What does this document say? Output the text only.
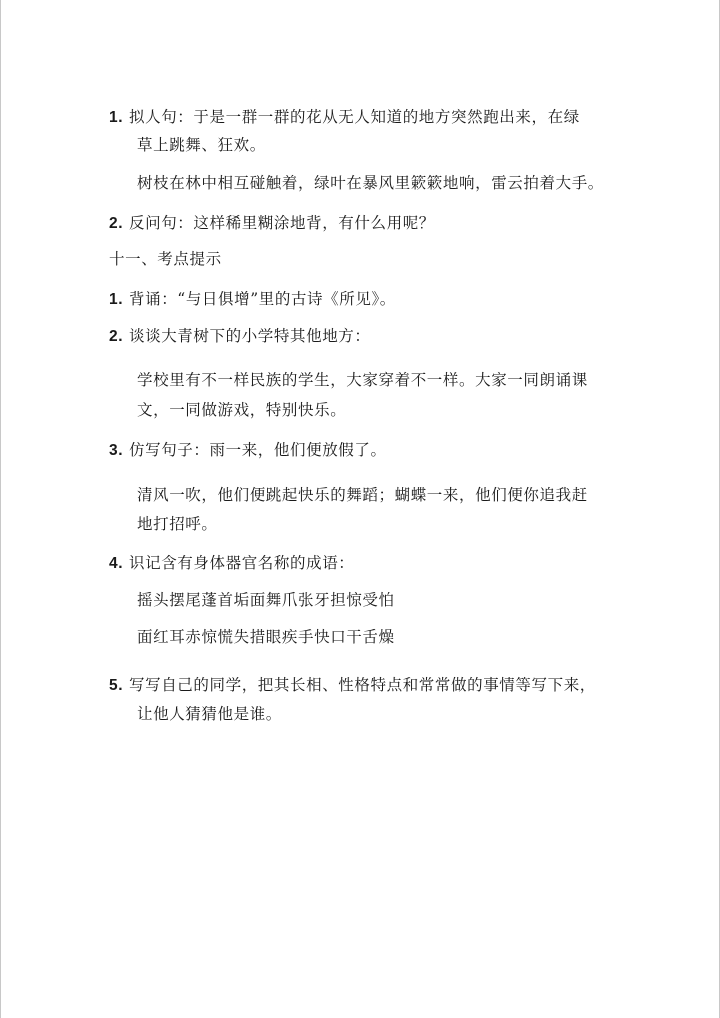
1. 拟人句：于是一群一群的花从无人知道的地方突然跑出来，在绿
草上跳舞、狂欢。
树枝在林中相互碰触着，绿叶在暴风里簌簌地响，雷云拍着大手。
2. 反问句：这样稀里糊涂地背，有什么用呢？
十一、考点提示
1. 背诵：“与日俱增”里的古诗《所见》。
2. 谈谈大青树下的小学特其他地方：
学校里有不一样民族的学生，大家穿着不一样。大家一同朗诵课
文，一同做游戏，特别快乐。
3. 仿写句子：雨一来，他们便放假了。
清风一吹，他们便跳起快乐的舞蹈；蝴蝶一来，他们便你追我赶
地打招呼。
4. 识记含有身体器官名称的成语：
摇头摆尾蓬首垢面舞爪张牙担惊受怕
面红耳赤惊慌失措眼疾手快口干舌燥
5. 写写自己的同学，把其长相、性格特点和常常做的事情等写下来，
让他人猜猜他是谁。
